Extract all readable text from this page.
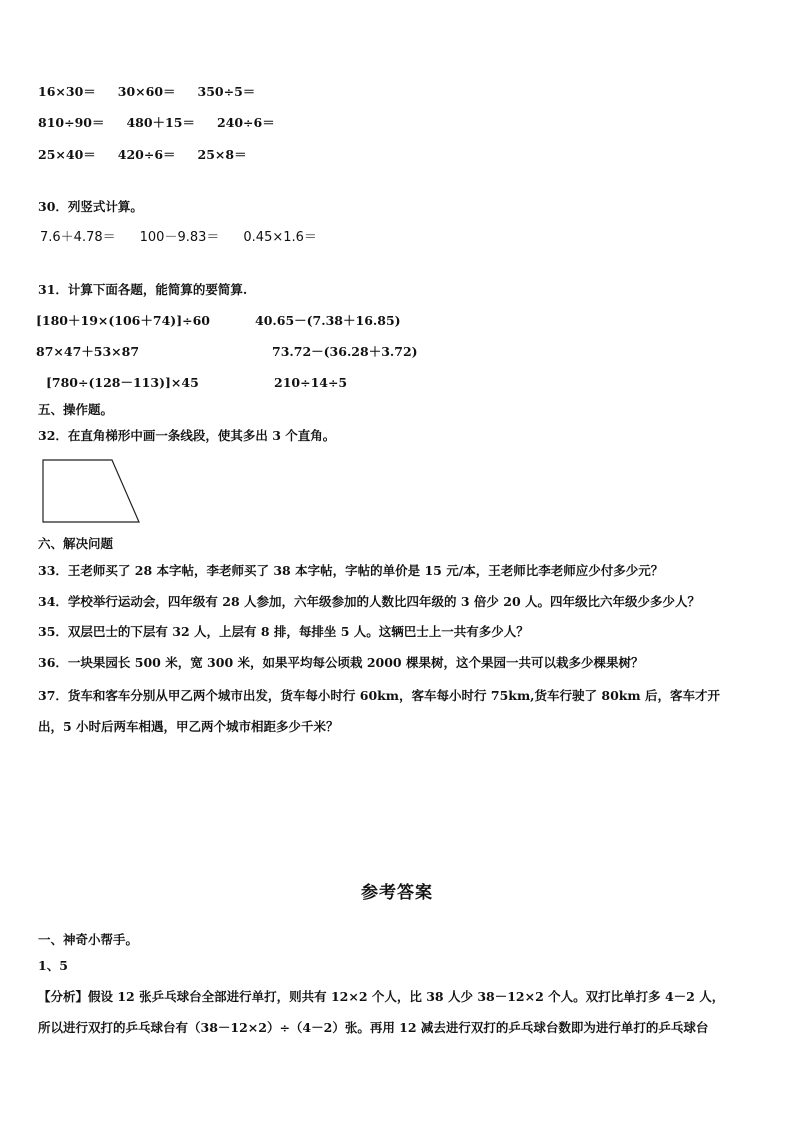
16×30＝ 30×60＝ 350÷5＝
810÷90＝ 480＋15＝ 240÷6＝
25×40＝ 420÷6＝ 25×8＝
30．列竖式计算。
7.6＋4.78＝ 100－9.83＝ 0.45×1.6＝
31．计算下面各题，能简算的要简算.
[180＋19×(106＋74)]÷60	40.65－(7.38＋16.85)
87×47＋53×87	73.72－(36.28＋3.72)
[780÷(128－113)]×45	210÷14÷5
五、操作题。
32．在直角梯形中画一条线段，使其多出 3 个直角。
六、解决问题
33．王老师买了 28 本字帖，李老师买了 38 本字帖，字帖的单价是 15 元/本，王老师比李老师应少付多少元？
34．学校举行运动会，四年级有 28 人参加，六年级参加的人数比四年级的 3 倍少 20 人。四年级比六年级少多少人？
35．双层巴士的下层有 32 人，上层有 8 排，每排坐 5 人。这辆巴士上一共有多少人？
36．一块果园长 500 米，宽 300 米，如果平均每公顷栽 2000 棵果树，这个果园一共可以栽多少棵果树？
37．货车和客车分别从甲乙两个城市出发，货车每小时行 60km，客车每小时行 75km,货车行驶了 80km 后，客车才开
出，5 小时后两车相遇，甲乙两个城市相距多少千米？
参考答案
一、神奇小帮手。
1、5
【分析】假设 12 张乒乓球台全部进行单打，则共有 12×2 个人，比 38 人少 38－12×2 个人。双打比单打多 4－2 人，
所以进行双打的乒乓球台有（38－12×2）÷（4－2）张。再用 12 减去进行双打的乒乓球台数即为进行单打的乒乓球台
